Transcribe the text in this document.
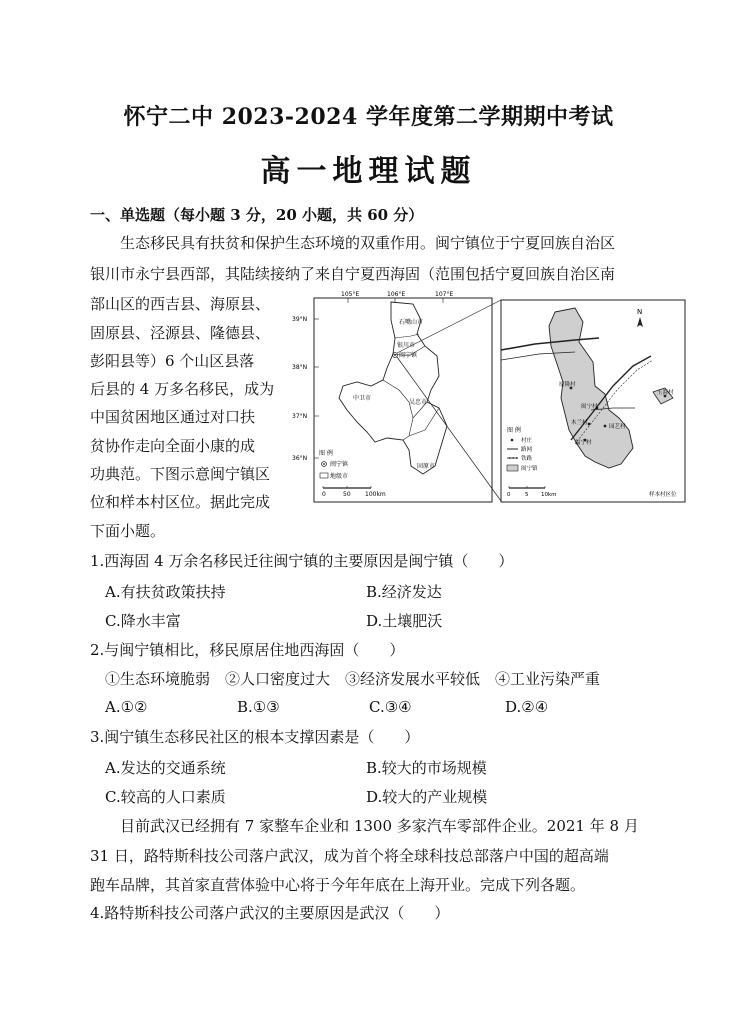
怀宁二中 2023-2024 学年度第二学期期中考试
高一地理试题
一、单选题（每小题 3 分，20 小题，共 60 分）
生态移民具有扶贫和保护生态环境的双重作用。闽宁镇位于宁夏回族自治区
银川市永宁县西部，其陆续接纳了来自宁夏西海固（范围包括宁夏回族自治区南
部山区的西吉县、海原县、
固原县、泾源县、隆德县、
彭阳县等）6 个山区县落
后县的 4 万多名移民，成为
中国贫困地区通过对口扶
贫协作走向全面小康的成
功典范。下图示意闽宁镇区
位和样本村区位。据此完成
下面小题。
105°E	106°E	107°E
39°N
38°N
37°N
36°N
石嘴山市
银川市
闽宁镇
中卫市
吴忠市
固原市
图 例
闽宁镇
地级市
0	50 100km
N
原隆村
闽宁村
木兰村
园艺村
福宁村
玉海村
图 例
村庄
路网
铁路
闽宁镇
0	5 10km	样本村区位
1.西海固 4 万余名移民迁往闽宁镇的主要原因是闽宁镇（　　）
A.有扶贫政策扶持	B.经济发达
C.降水丰富	D.土壤肥沃
2.与闽宁镇相比，移民原居住地西海固（　　）
①生态环境脆弱　②人口密度过大　③经济发展水平较低　④工业污染严重
A.①②	B.①③	C.③④	D.②④
3.闽宁镇生态移民社区的根本支撑因素是（　　）
A.发达的交通系统	B.较大的市场规模
C.较高的人口素质	D.较大的产业规模
目前武汉已经拥有 7 家整车企业和 1300 多家汽车零部件企业。2021 年 8 月
31 日，路特斯科技公司落户武汉，成为首个将全球科技总部落户中国的超高端
跑车品牌，其首家直营体验中心将于今年年底在上海开业。完成下列各题。
4.路特斯科技公司落户武汉的主要原因是武汉（　　）
